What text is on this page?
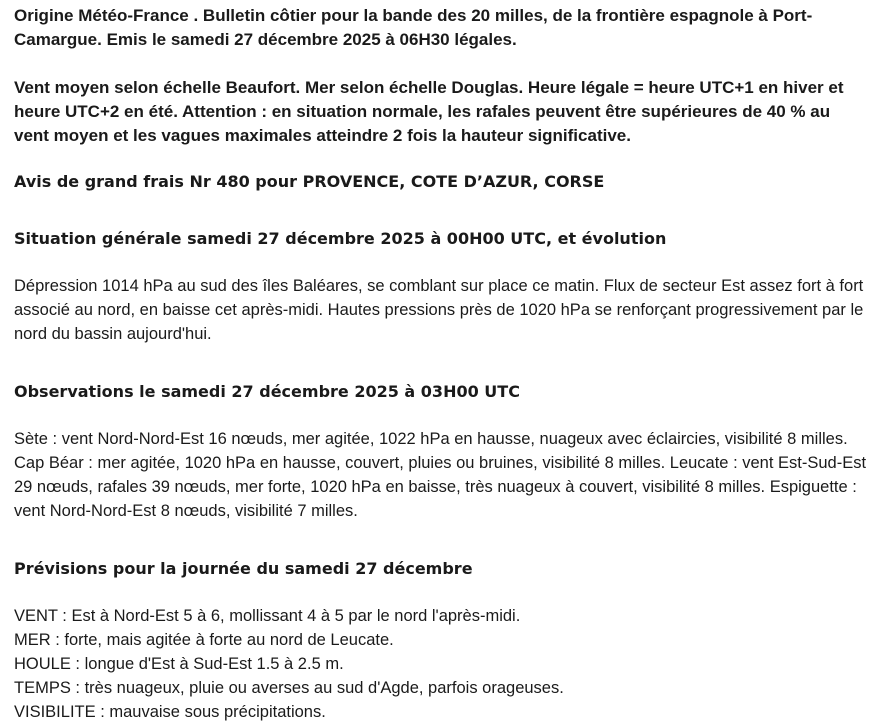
Origine Météo-France . Bulletin côtier pour la bande des 20 milles, de la frontière espagnole à Port-Camargue. Emis le samedi 27 décembre 2025 à 06H30 légales.

Vent moyen selon échelle Beaufort. Mer selon échelle Douglas. Heure légale = heure UTC+1 en hiver et heure UTC+2 en été. Attention : en situation normale, les rafales peuvent être supérieures de 40 % au vent moyen et les vagues maximales atteindre 2 fois la hauteur significative.

Avis de grand frais Nr 480 pour PROVENCE, COTE D’AZUR, CORSE
Situation générale samedi 27 décembre 2025 à 00H00 UTC, et évolution

Dépression 1014 hPa au sud des îles Baléares, se comblant sur place ce matin. Flux de secteur Est assez fort à fort associé au nord, en baisse cet après-midi. Hautes pressions près de 1020 hPa se renforçant progressivement par le nord du bassin aujourd'hui.

Observations le samedi 27 décembre 2025 à 03H00 UTC

Sète : vent Nord-Nord-Est 16 nœuds, mer agitée, 1022 hPa en hausse, nuageux avec éclaircies, visibilité 8 milles. Cap Béar : mer agitée, 1020 hPa en hausse, couvert, pluies ou bruines, visibilité 8 milles. Leucate : vent Est-Sud-Est 29 nœuds, rafales 39 nœuds, mer forte, 1020 hPa en baisse, très nuageux à couvert, visibilité 8 milles. Espiguette : vent Nord-Nord-Est 8 nœuds, visibilité 7 milles.

Prévisions pour la journée du samedi 27 décembre
VENT : Est à Nord-Est 5 à 6, mollissant 4 à 5 par le nord l'après-midi.
MER : forte, mais agitée à forte au nord de Leucate.
HOULE : longue d'Est à Sud-Est 1.5 à 2.5 m.
TEMPS : très nuageux, pluie ou averses au sud d'Agde, parfois orageuses.
VISIBILITE : mauvaise sous précipitations.
